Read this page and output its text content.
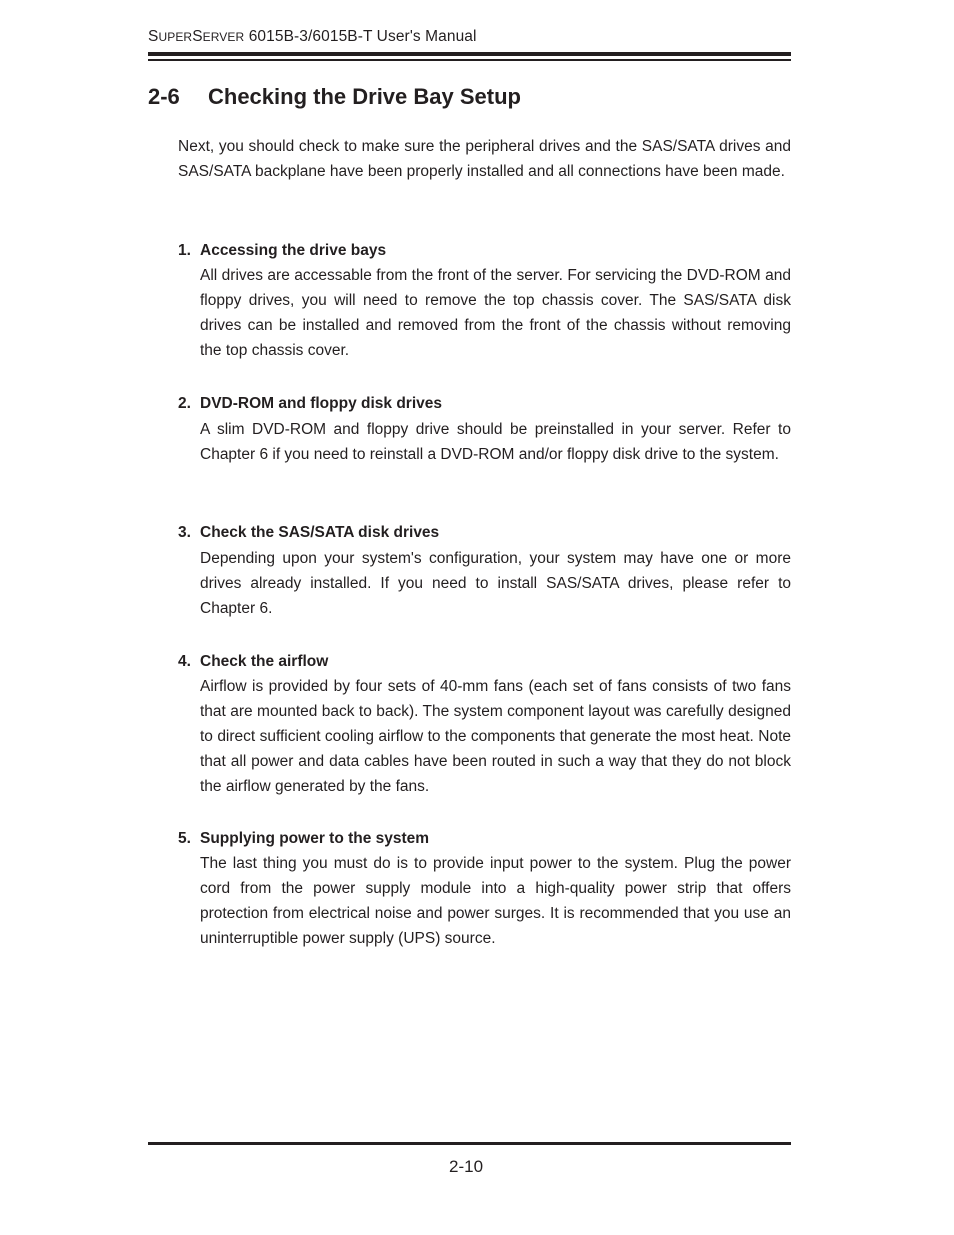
SUPERSERVER 6015B-3/6015B-T User's Manual
2-6 Checking the Drive Bay Setup

Next, you should check to make sure the peripheral drives and the SAS/SATA drives and SAS/SATA backplane have been properly installed and all connections have been made.

1. Accessing the drive bays

All drives are accessable from the front of the server. For servicing the DVD-ROM and floppy drives, you will need to remove the top chassis cover. The SAS/SATA disk drives can be installed and removed from the front of the chassis without removing the top chassis cover.

2. DVD-ROM and floppy disk drives

A slim DVD-ROM and floppy drive should be preinstalled in your server. Refer to Chapter 6 if you need to reinstall a DVD-ROM and/or floppy disk drive to the system.

3. Check the SAS/SATA disk drives

Depending upon your system's configuration, your system may have one or more drives already installed. If you need to install SAS/SATA drives, please refer to Chapter 6.

4. Check the airflow

Airflow is provided by four sets of 40-mm fans (each set of fans consists of two fans that are mounted back to back). The system component layout was carefully designed to direct sufficient cooling airflow to the components that generate the most heat. Note that all power and data cables have been routed in such a way that they do not block the airflow generated by the fans.

5. Supplying power to the system

The last thing you must do is to provide input power to the system. Plug the power cord from the power supply module into a high-quality power strip that offers protection from electrical noise and power surges. It is recommended that you use an uninterruptible power supply (UPS) source.

2-10
